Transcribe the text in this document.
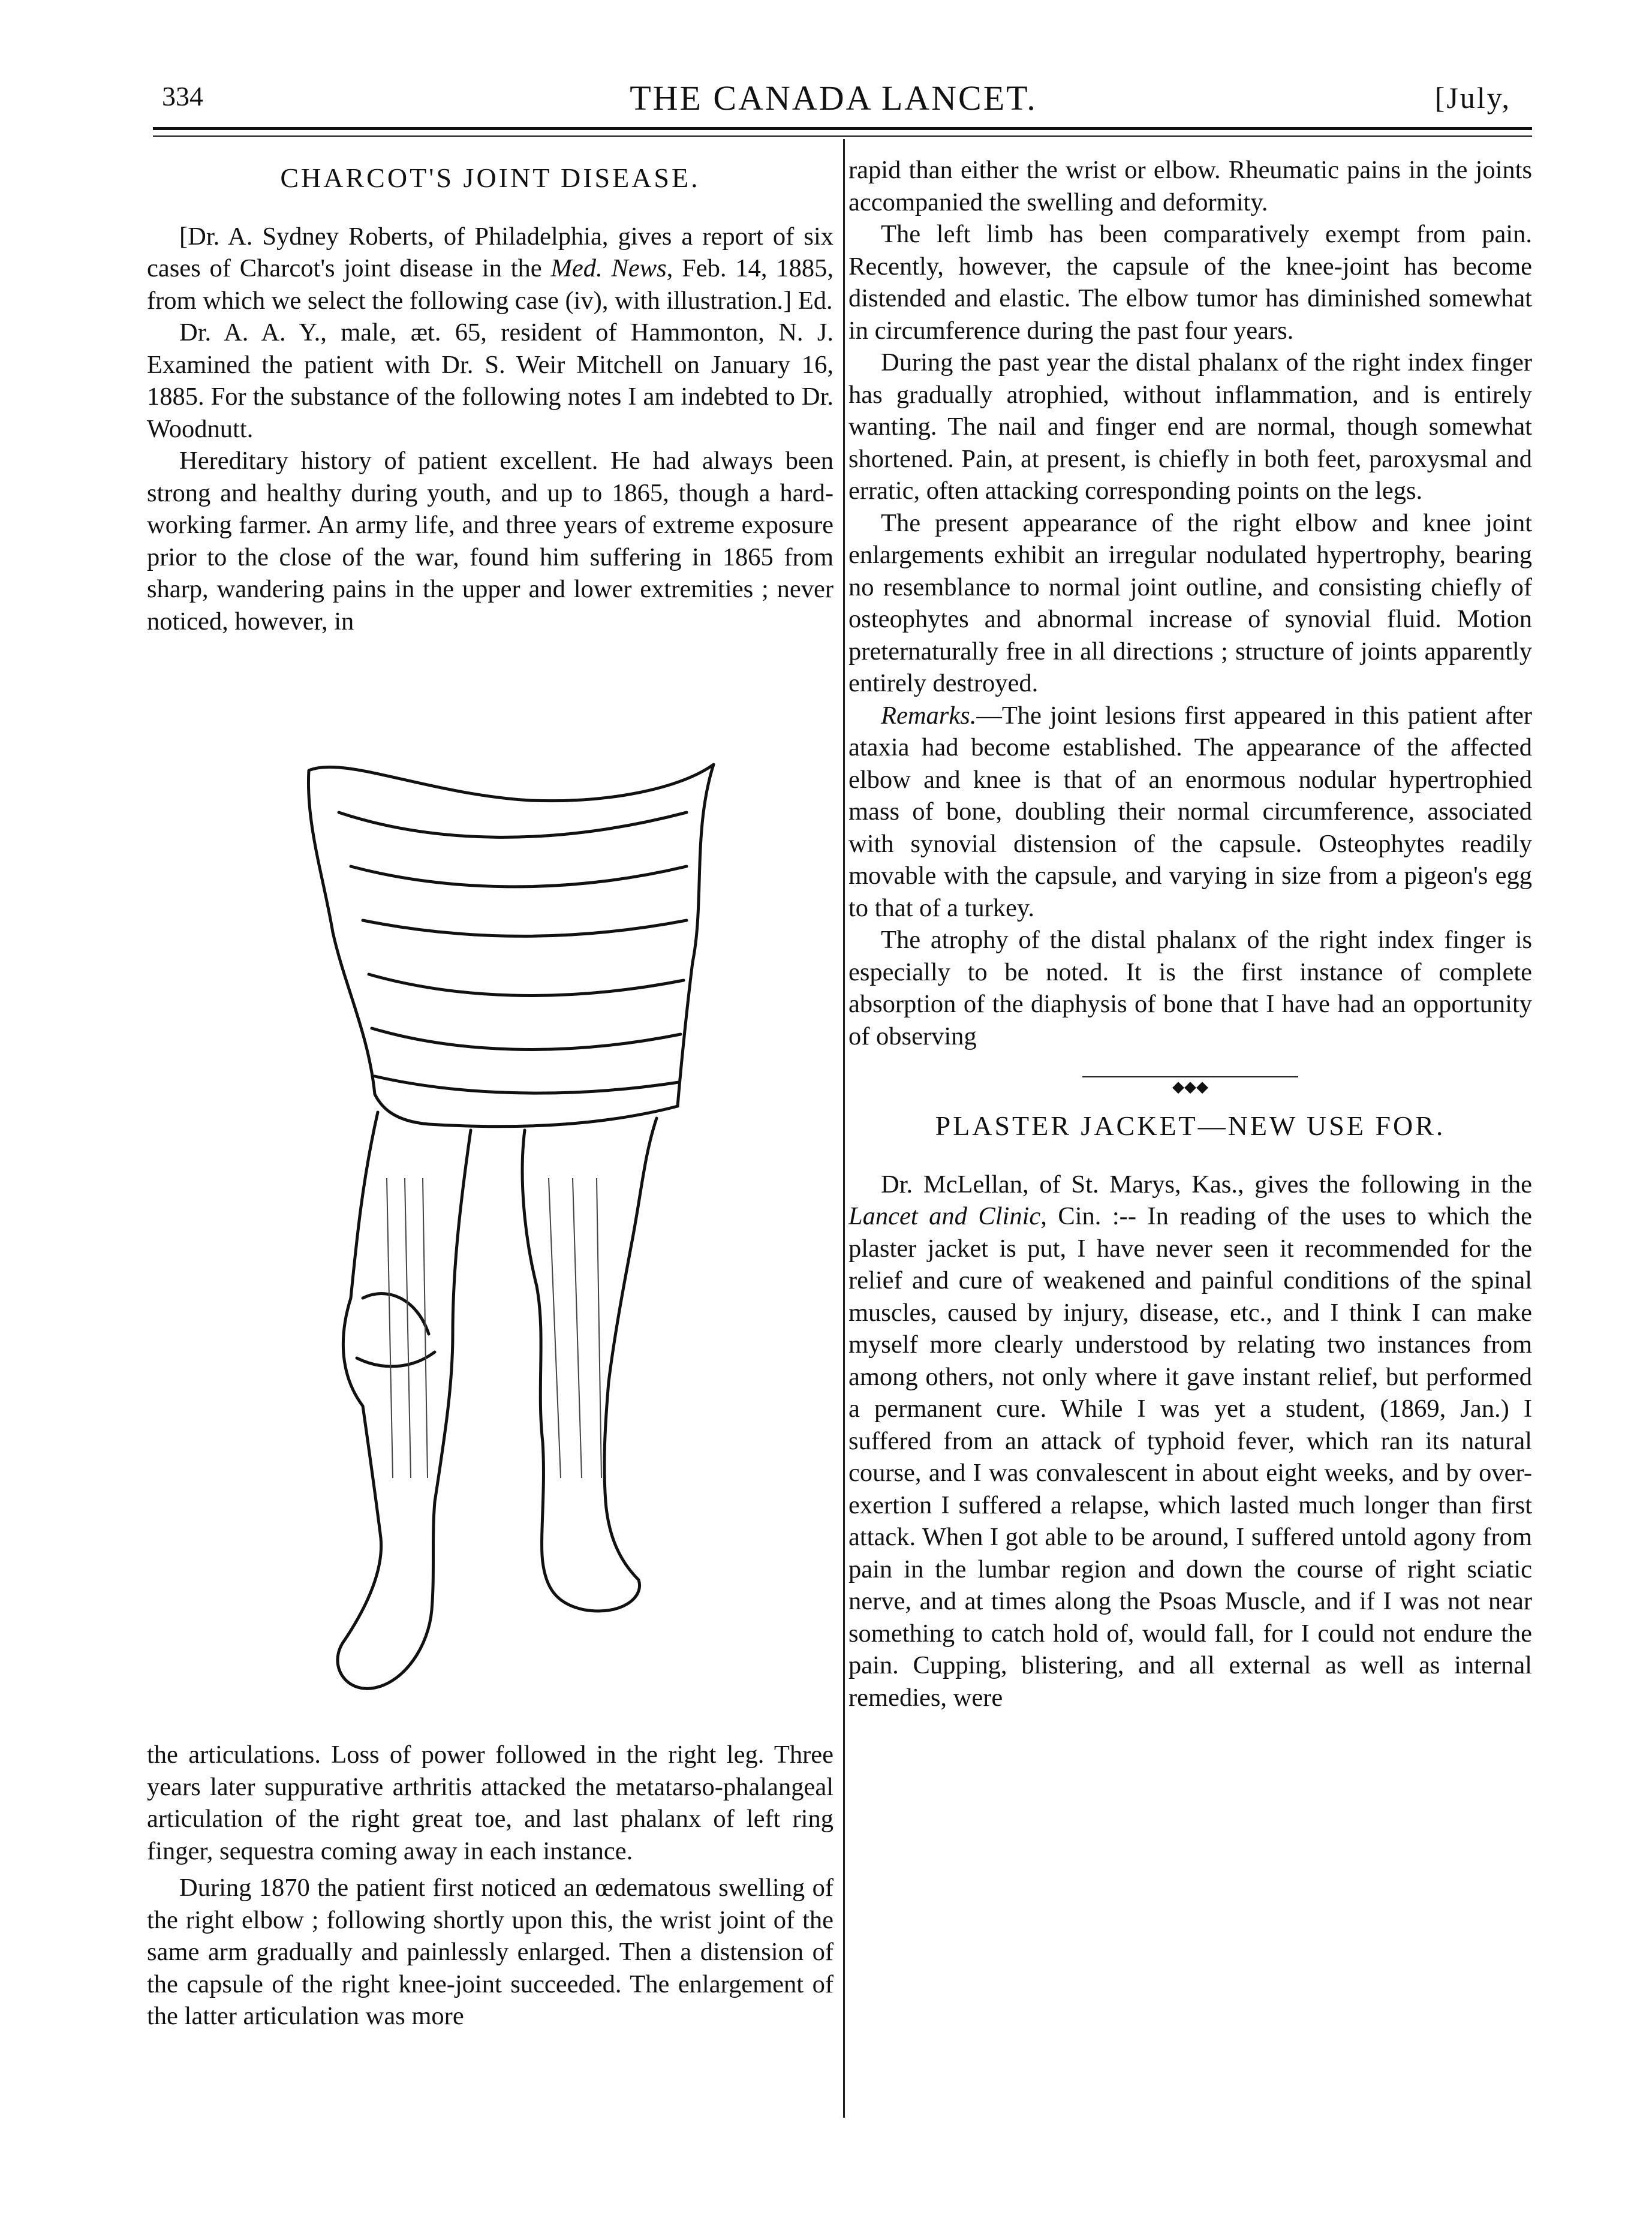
334	THE CANADA LANCET.	[July,
CHARCOT'S JOINT DISEASE.

[Dr. A. Sydney Roberts, of Philadelphia, gives a report of six cases of Charcot's joint disease in the Med. News, Feb. 14, 1885, from which we select the following case (iv), with illustration.] Ed.

Dr. A. A. Y., male, æt. 65, resident of Hammonton, N. J. Examined the patient with Dr. S. Weir Mitchell on January 16, 1885. For the substance of the following notes I am indebted to Dr. Woodnutt.

Hereditary history of patient excellent. He had always been strong and healthy during youth, and up to 1865, though a hard-working farmer. An army life, and three years of extreme exposure prior to the close of the war, found him suffering in 1865 from sharp, wandering pains in the upper and lower extremities ; never noticed, however, in

the articulations. Loss of power followed in the right leg. Three years later suppurative arthritis attacked the metatarso-phalangeal articulation of the right great toe, and last phalanx of left ring finger, sequestra coming away in each instance.

During 1870 the patient first noticed an œdematous swelling of the right elbow ; following shortly upon this, the wrist joint of the same arm gradually and painlessly enlarged. Then a distension of the capsule of the right knee-joint succeeded. The enlargement of the latter articulation was more

rapid than either the wrist or elbow. Rheumatic pains in the joints accompanied the swelling and deformity.

The left limb has been comparatively exempt from pain. Recently, however, the capsule of the knee-joint has become distended and elastic. The elbow tumor has diminished somewhat in circumference during the past four years.

During the past year the distal phalanx of the right index finger has gradually atrophied, without inflammation, and is entirely wanting. The nail and finger end are normal, though somewhat shortened. Pain, at present, is chiefly in both feet, paroxysmal and erratic, often attacking corresponding points on the legs.

The present appearance of the right elbow and knee joint enlargements exhibit an irregular nodulated hypertrophy, bearing no resemblance to normal joint outline, and consisting chiefly of osteophytes and abnormal increase of synovial fluid. Motion preternaturally free in all directions ; structure of joints apparently entirely destroyed.

Remarks.—The joint lesions first appeared in this patient after ataxia had become established. The appearance of the affected elbow and knee is that of an enormous nodular hypertrophied mass of bone, doubling their normal circumference, associated with synovial distension of the capsule. Osteophytes readily movable with the capsule, and varying in size from a pigeon's egg to that of a turkey.

The atrophy of the distal phalanx of the right index finger is especially to be noted. It is the first instance of complete absorption of the diaphysis of bone that I have had an opportunity of observing

◆◆◆
PLASTER JACKET—NEW USE FOR.

Dr. McLellan, of St. Marys, Kas., gives the following in the Lancet and Clinic, Cin. :-- In reading of the uses to which the plaster jacket is put, I have never seen it recommended for the relief and cure of weakened and painful conditions of the spinal muscles, caused by injury, disease, etc., and I think I can make myself more clearly understood by relating two instances from among others, not only where it gave instant relief, but performed a permanent cure. While I was yet a student, (1869, Jan.) I suffered from an attack of typhoid fever, which ran its natural course, and I was convalescent in about eight weeks, and by over-exertion I suffered a relapse, which lasted much longer than first attack. When I got able to be around, I suffered untold agony from pain in the lumbar region and down the course of right sciatic nerve, and at times along the Psoas Muscle, and if I was not near something to catch hold of, would fall, for I could not endure the pain. Cupping, blistering, and all external as well as internal remedies, were
